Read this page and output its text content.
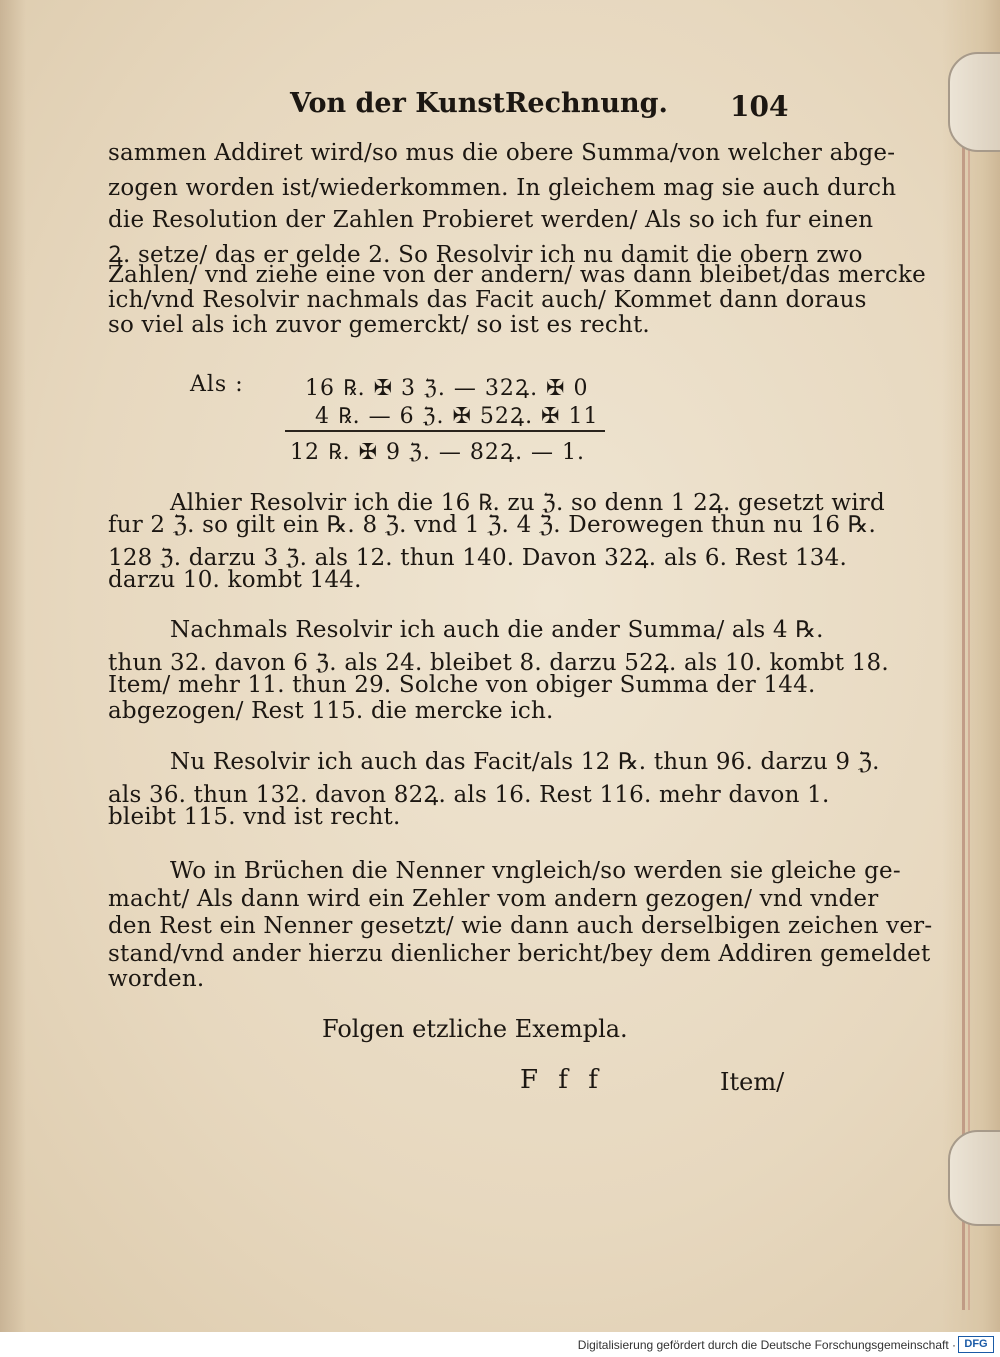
Von der KunstRechnung. 104
sammen Addiret wird/so mus die obere Summa/von welcher abge-
zogen worden ist/wiederkommen. In gleichem mag sie auch durch
die Resolution der Zahlen Probieret werden/ Als so ich fur einen
Ꝝ. setze/ das er gelde 2. So Resolvir ich nu damit die obern zwo
Zahlen/ vnd ziehe eine von der andern/ was dann bleibet/das mercke
ich/vnd Resolvir nachmals das Facit auch/ Kommet dann doraus
so viel als ich zuvor gemerckt/ so ist es recht.
Als :	16 ℞. ✠ 3 ℨ. — 32Ꝝ. ✠ 0
4 ℞. — 6 ℨ. ✠ 52Ꝝ. ✠ 11
12 ℞. ✠ 9 ℨ. — 82Ꝝ. — 1.
Alhier Resolvir ich die 16 ℞. zu ℨ. so denn 1 2Ꝝ. gesetzt wird
fur 2 ℨ. so gilt ein ℞. 8 ℨ. vnd 1 ℨ. 4 ℨ. Derowegen thun nu 16 ℞.
128 ℨ. darzu 3 ℨ. als 12. thun 140. Davon 32Ꝝ. als 6. Rest 134.
darzu 10. kombt 144.
Nachmals Resolvir ich auch die ander Summa/ als 4 ℞.
thun 32. davon 6 ℨ. als 24. bleibet 8. darzu 52Ꝝ. als 10. kombt 18.
Item/ mehr 11. thun 29. Solche von obiger Summa der 144.
abgezogen/ Rest 115. die mercke ich.
Nu Resolvir ich auch das Facit/als 12 ℞. thun 96. darzu 9 ℨ.
als 36. thun 132. davon 82Ꝝ. als 16. Rest 116. mehr davon 1.
bleibt 115. vnd ist recht.
Wo in Brüchen die Nenner vngleich/so werden sie gleiche ge-
macht/ Als dann wird ein Zehler vom andern gezogen/ vnd vnder
den Rest ein Nenner gesetzt/ wie dann auch derselbigen zeichen ver-
stand/vnd ander hierzu dienlicher bericht/bey dem Addiren gemeldet
worden.
Folgen etzliche Exempla.
F f f	Item/
Digitalisierung gefördert durch die Deutsche Forschungsgemeinschaft · DFG
